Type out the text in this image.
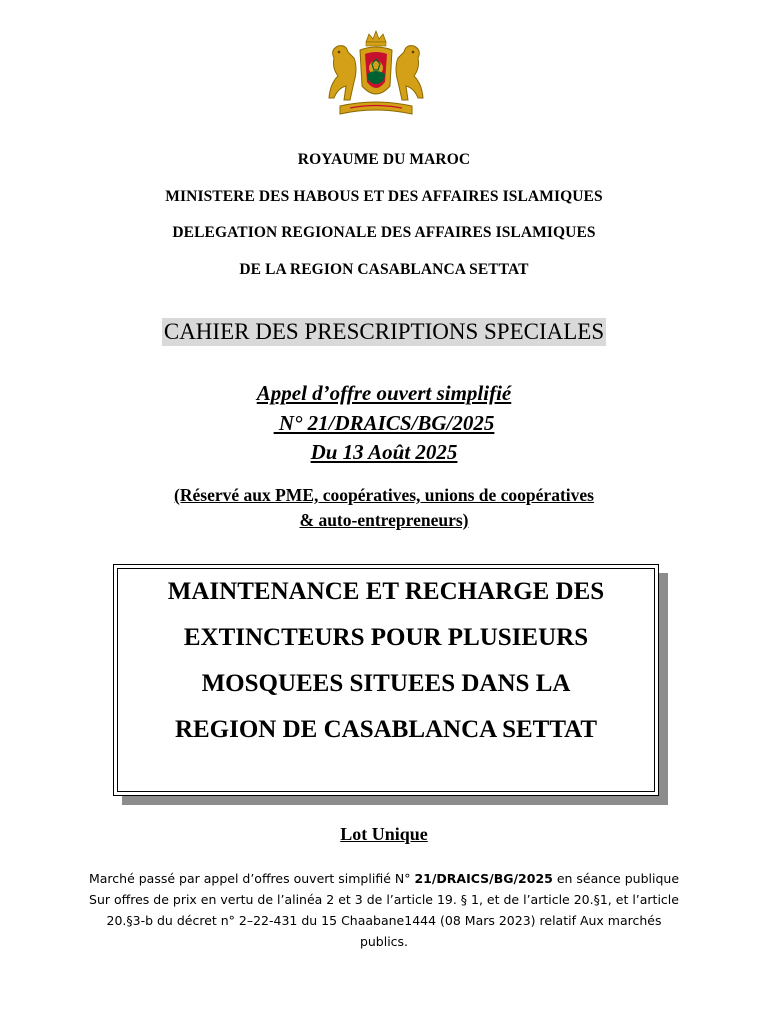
ROYAUME DU MAROC
MINISTERE DES HABOUS ET DES AFFAIRES ISLAMIQUES
DELEGATION REGIONALE DES AFFAIRES ISLAMIQUES
DE LA REGION CASABLANCA SETTAT
CAHIER DES PRESCRIPTIONS SPECIALES
Appel d’offre ouvert simplifié
N° 21/DRAICS/BG/2025
Du 13 Août 2025
(Réservé aux PME, coopératives, unions de coopératives
& auto-entrepreneurs)
MAINTENANCE ET RECHARGE DES
EXTINCTEURS POUR PLUSIEURS
MOSQUEES SITUEES DANS LA
REGION DE CASABLANCA SETTAT
Lot Unique
Marché passé par appel d’offres ouvert simplifié N° 21/DRAICS/BG/2025 en séance publique
Sur offres de prix en vertu de l’alinéa 2 et 3 de l’article 19. § 1, et de l’article 20.§1, et l’article
20.§3-b du décret n° 2–22-431 du 15 Chaabane1444 (08 Mars 2023) relatif Aux marchés
publics.
